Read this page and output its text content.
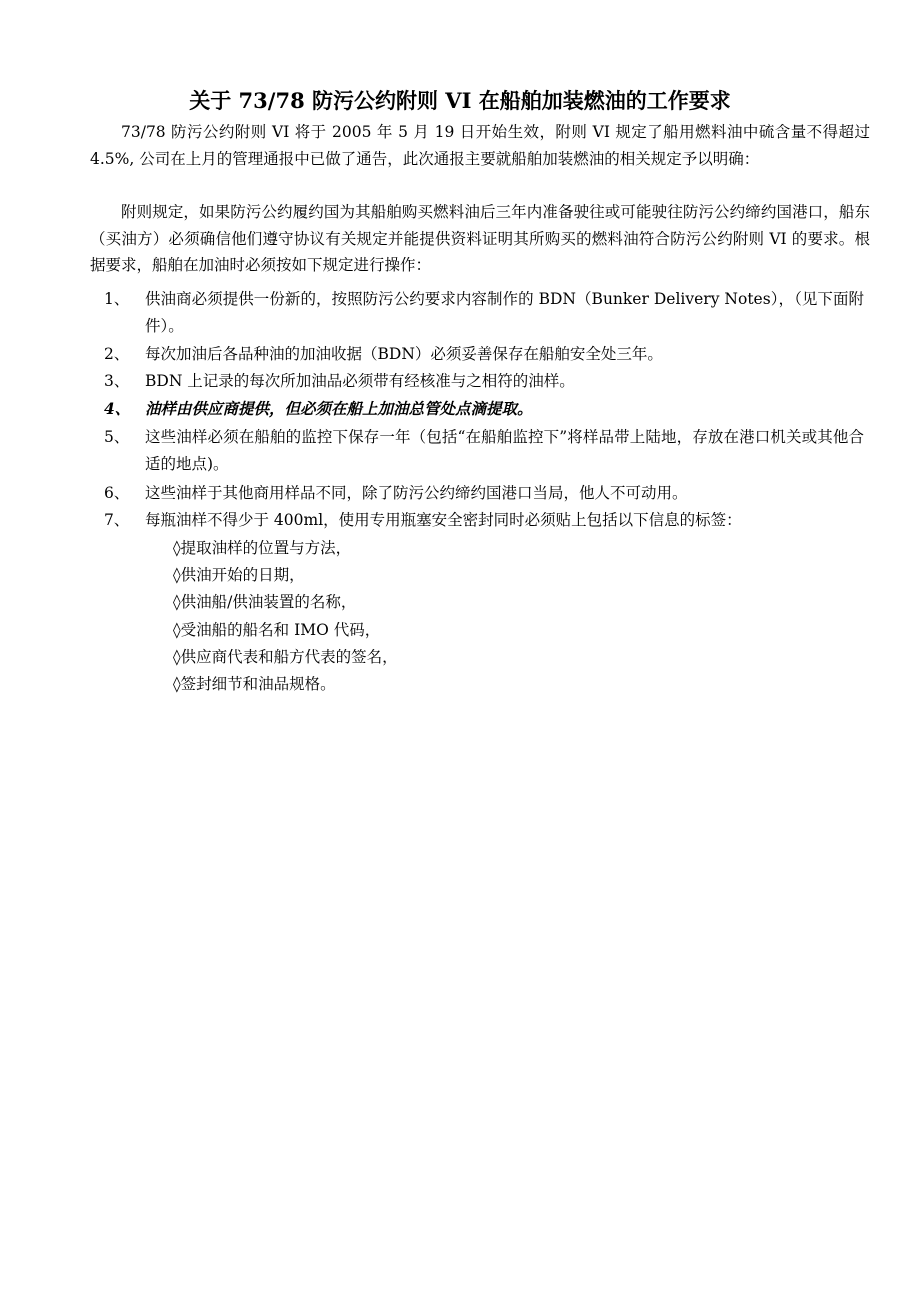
关于 73/78 防污公约附则 VI 在船舶加装燃油的工作要求
73/78 防污公约附则 VI 将于 2005 年 5 月 19 日开始生效，附则 VI 规定了船用燃料油中硫含量不得超过 4.5%, 公司在上月的管理通报中已做了通告，此次通报主要就船舶加装燃油的相关规定予以明确：
附则规定，如果防污公约履约国为其船舶购买燃料油后三年内准备驶往或可能驶往防污公约缔约国港口，船东（买油方）必须确信他们遵守协议有关规定并能提供资料证明其所购买的燃料油符合防污公约附则 VI 的要求。根据要求，船舶在加油时必须按如下规定进行操作：
1、	供油商必须提供一份新的，按照防污公约要求内容制作的 BDN（Bunker Delivery Notes），（见下面附件）。
2、	每次加油后各品种油的加油收据（BDN）必须妥善保存在船舶安全处三年。
3、	BDN 上记录的每次所加油品必须带有经核准与之相符的油样。
4、 油样由供应商提供，但必须在船上加油总管处点滴提取。
5、	这些油样必须在船舶的监控下保存一年（包括“在船舶监控下”将样品带上陆地，存放在港口机关或其他合适的地点)。
6、	这些油样于其他商用样品不同，除了防污公约缔约国港口当局，他人不可动用。
7、	每瓶油样不得少于 400ml，使用专用瓶塞安全密封同时必须贴上包括以下信息的标签：
◊提取油样的位置与方法，
◊供油开始的日期，
◊供油船/供油装置的名称，
◊受油船的船名和 IMO 代码，
◊供应商代表和船方代表的签名，
◊签封细节和油品规格。
